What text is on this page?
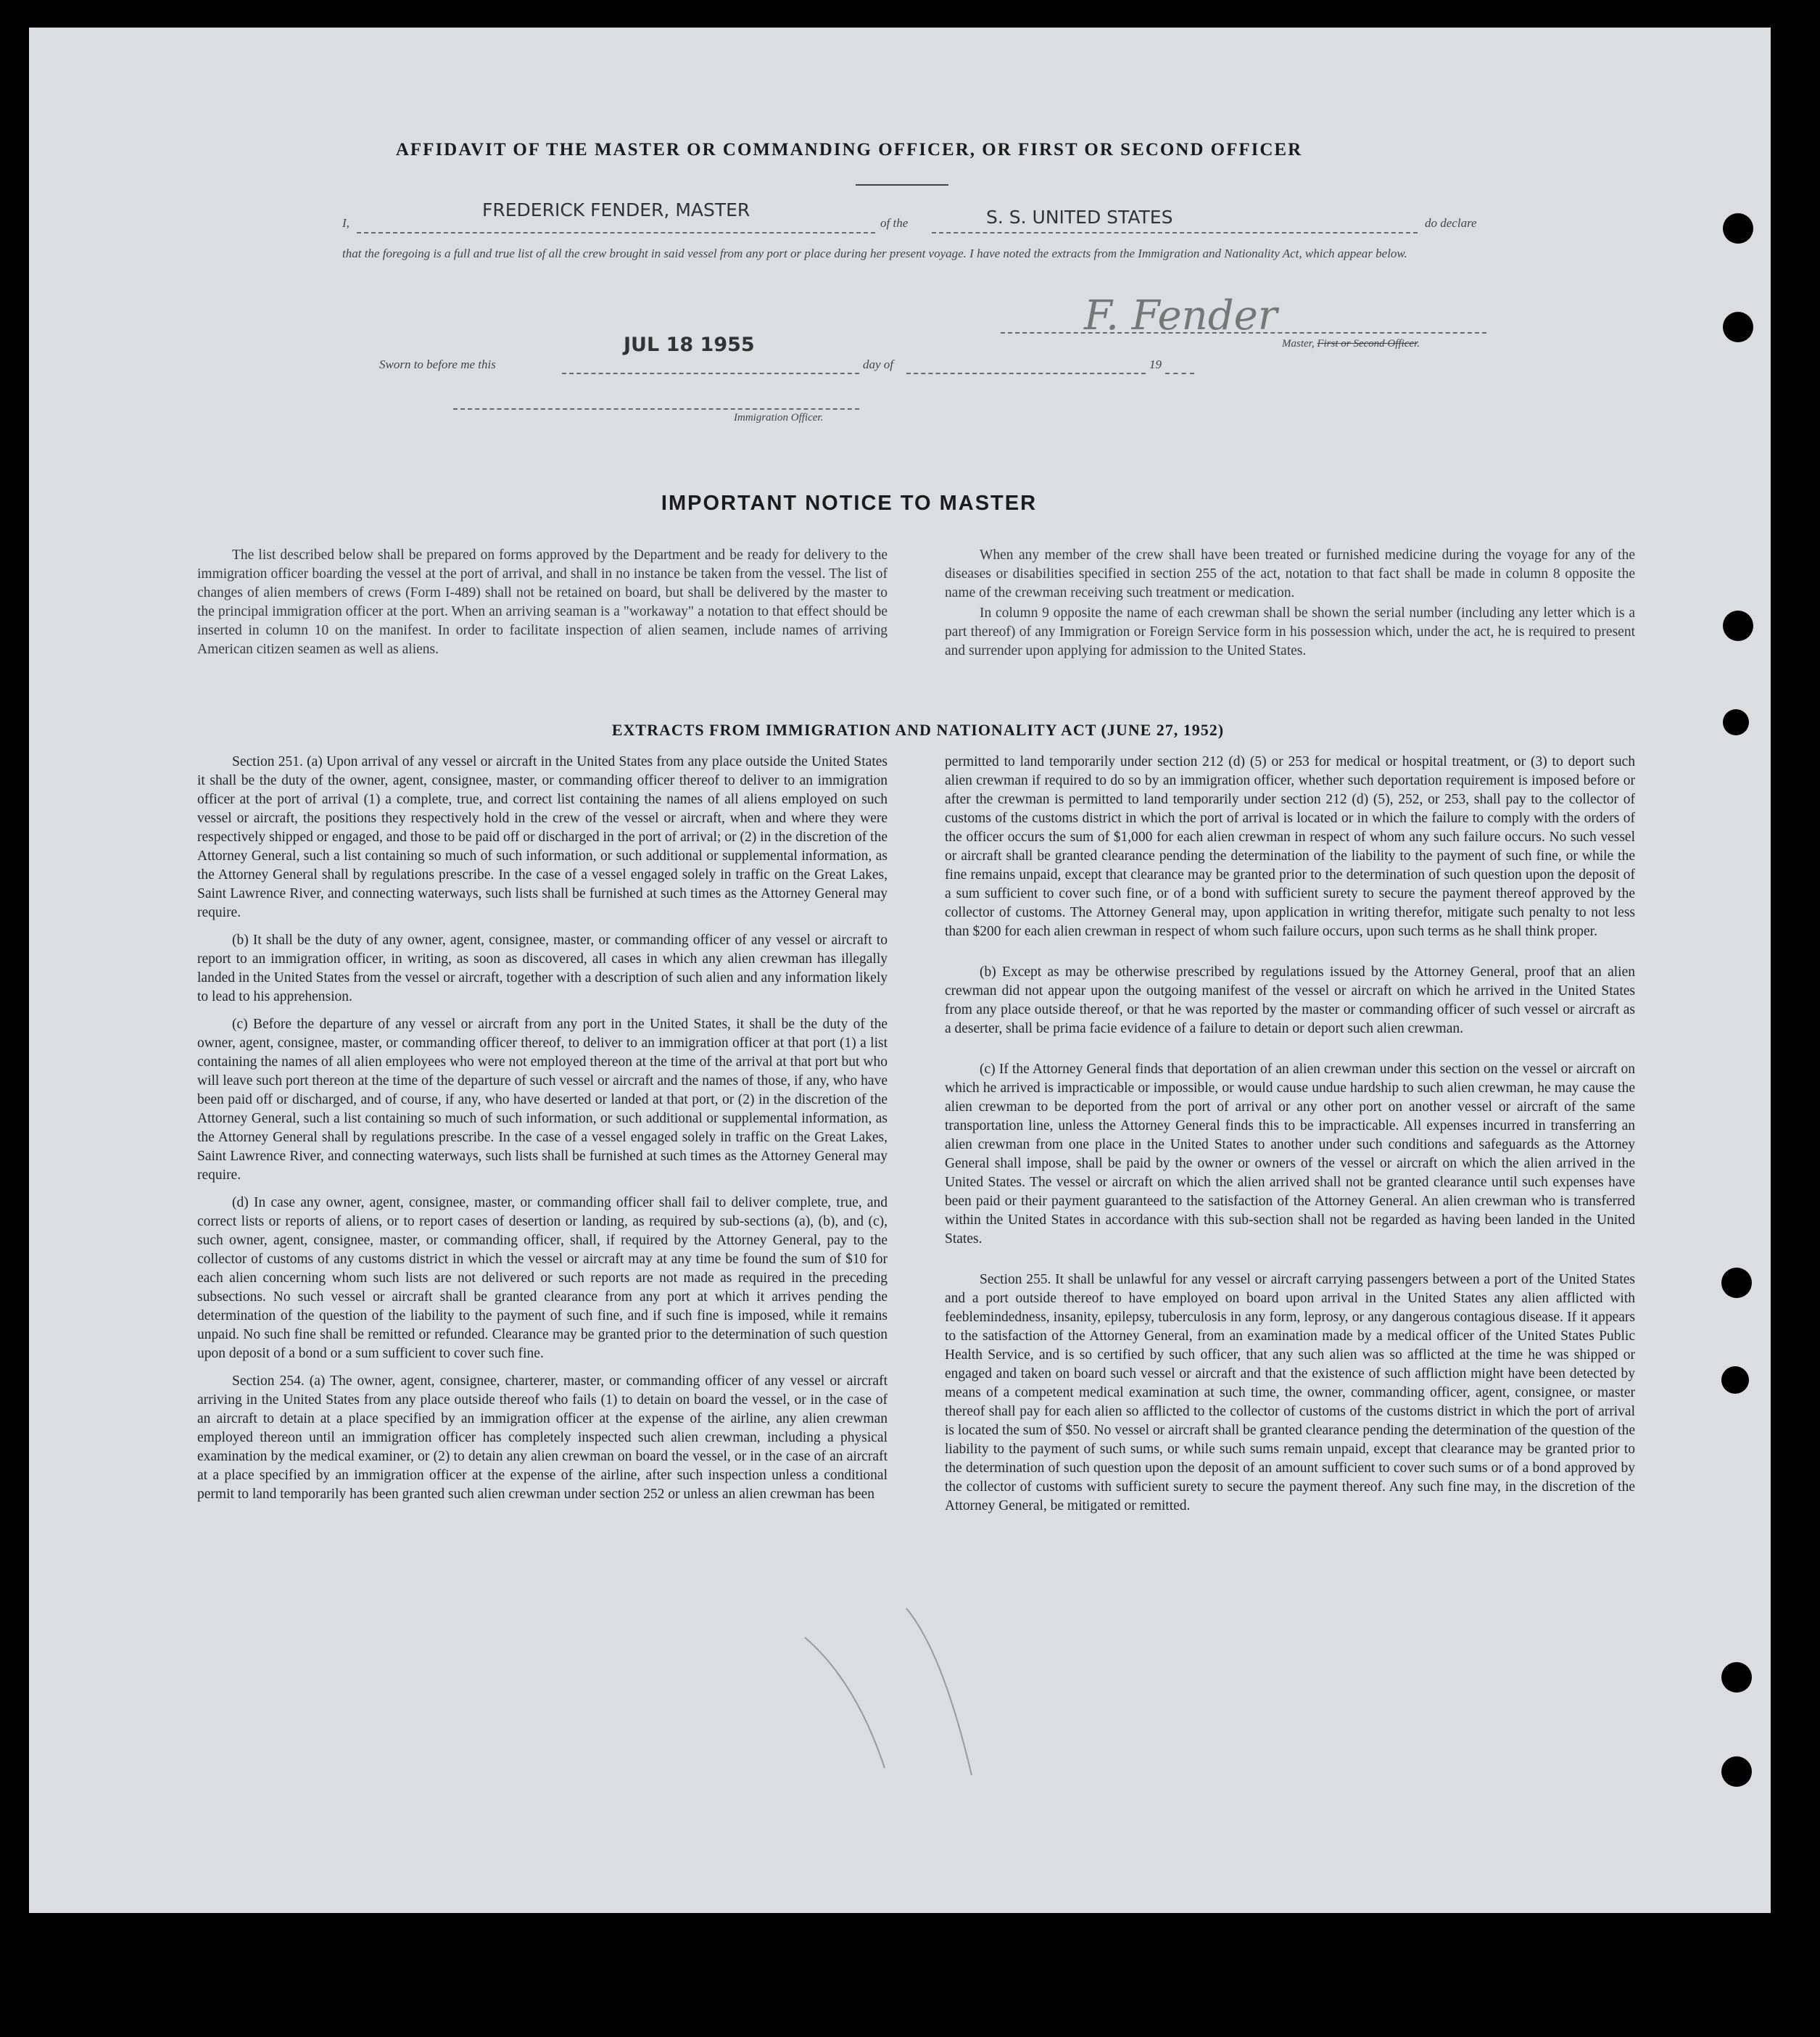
AFFIDAVIT OF THE MASTER OR COMMANDING OFFICER, OR FIRST OR SECOND OFFICER
I,
FREDERICK FENDER, MASTER
of the	S. S. UNITED STATES	do declare
that the foregoing is a full and true list of all the crew brought in said vessel from any port or place during her present voyage. I have noted the extracts from the Immigration and Nationality Act, which appear below.
F. Fender
Master, First or Second Officer.
Sworn to before me this
JUL 18 1955
day of	19
Immigration Officer.
IMPORTANT NOTICE TO MASTER
The list described below shall be prepared on forms approved by the Department and be ready for delivery to the immigration officer boarding the vessel at the port of arrival, and shall in no instance be taken from the vessel. The list of changes of alien members of crews (Form I-489) shall not be retained on board, but shall be delivered by the master to the principal immigration officer at the port. When an arriving seaman is a "workaway" a notation to that effect should be inserted in column 10 on the manifest. In order to facilitate inspection of alien seamen, include names of arriving American citizen seamen as well as aliens.

When any member of the crew shall have been treated or furnished medicine during the voyage for any of the diseases or disabilities specified in section 255 of the act, notation to that fact shall be made in column 8 opposite the name of the crewman receiving such treatment or medication.

In column 9 opposite the name of each crewman shall be shown the serial number (including any letter which is a part thereof) of any Immigration or Foreign Service form in his possession which, under the act, he is required to present and surrender upon applying for admission to the United States.

EXTRACTS FROM IMMIGRATION AND NATIONALITY ACT (JUNE 27, 1952)

Section 251. (a) Upon arrival of any vessel or aircraft in the United States from any place outside the United States it shall be the duty of the owner, agent, consignee, master, or commanding officer thereof to deliver to an immigration officer at the port of arrival (1) a complete, true, and correct list containing the names of all aliens employed on such vessel or aircraft, the positions they respectively hold in the crew of the vessel or aircraft, when and where they were respectively shipped or engaged, and those to be paid off or discharged in the port of arrival; or (2) in the discretion of the Attorney General, such a list containing so much of such information, or such additional or supplemental information, as the Attorney General shall by regulations prescribe. In the case of a vessel engaged solely in traffic on the Great Lakes, Saint Lawrence River, and connecting waterways, such lists shall be furnished at such times as the Attorney General may require.

(b) It shall be the duty of any owner, agent, consignee, master, or commanding officer of any vessel or aircraft to report to an immigration officer, in writing, as soon as discovered, all cases in which any alien crewman has illegally landed in the United States from the vessel or aircraft, together with a description of such alien and any information likely to lead to his apprehension.

(c) Before the departure of any vessel or aircraft from any port in the United States, it shall be the duty of the owner, agent, consignee, master, or commanding officer thereof, to deliver to an immigration officer at that port (1) a list containing the names of all alien employees who were not employed thereon at the time of the arrival at that port but who will leave such port thereon at the time of the departure of such vessel or aircraft and the names of those, if any, who have been paid off or discharged, and of course, if any, who have deserted or landed at that port, or (2) in the discretion of the Attorney General, such a list containing so much of such information, or such additional or supplemental information, as the Attorney General shall by regulations prescribe. In the case of a vessel engaged solely in traffic on the Great Lakes, Saint Lawrence River, and connecting waterways, such lists shall be furnished at such times as the Attorney General may require.

(d) In case any owner, agent, consignee, master, or commanding officer shall fail to deliver complete, true, and correct lists or reports of aliens, or to report cases of desertion or landing, as required by sub-sections (a), (b), and (c), such owner, agent, consignee, master, or commanding officer, shall, if required by the Attorney General, pay to the collector of customs of any customs district in which the vessel or aircraft may at any time be found the sum of $10 for each alien concerning whom such lists are not delivered or such reports are not made as required in the preceding subsections. No such vessel or aircraft shall be granted clearance from any port at which it arrives pending the determination of the question of the liability to the payment of such fine, and if such fine is imposed, while it remains unpaid. No such fine shall be remitted or refunded. Clearance may be granted prior to the determination of such question upon deposit of a bond or a sum sufficient to cover such fine.

Section 254. (a) The owner, agent, consignee, charterer, master, or commanding officer of any vessel or aircraft arriving in the United States from any place outside thereof who fails (1) to detain on board the vessel, or in the case of an aircraft to detain at a place specified by an immigration officer at the expense of the airline, any alien crewman employed thereon until an immigration officer has completely inspected such alien crewman, including a physical examination by the medical examiner, or (2) to detain any alien crewman on board the vessel, or in the case of an aircraft at a place specified by an immigration officer at the expense of the airline, after such inspection unless a conditional permit to land temporarily has been granted such alien crewman under section 252 or unless an alien crewman has been

permitted to land temporarily under section 212 (d) (5) or 253 for medical or hospital treatment, or (3) to deport such alien crewman if required to do so by an immigration officer, whether such deportation requirement is imposed before or after the crewman is permitted to land temporarily under section 212 (d) (5), 252, or 253, shall pay to the collector of customs of the customs district in which the port of arrival is located or in which the failure to comply with the orders of the officer occurs the sum of $1,000 for each alien crewman in respect of whom any such failure occurs. No such vessel or aircraft shall be granted clearance pending the determination of the liability to the payment of such fine, or while the fine remains unpaid, except that clearance may be granted prior to the determination of such question upon the deposit of a sum sufficient to cover such fine, or of a bond with sufficient surety to secure the payment thereof approved by the collector of customs. The Attorney General may, upon application in writing therefor, mitigate such penalty to not less than $200 for each alien crewman in respect of whom such failure occurs, upon such terms as he shall think proper.

(b) Except as may be otherwise prescribed by regulations issued by the Attorney General, proof that an alien crewman did not appear upon the outgoing manifest of the vessel or aircraft on which he arrived in the United States from any place outside thereof, or that he was reported by the master or commanding officer of such vessel or aircraft as a deserter, shall be prima facie evidence of a failure to detain or deport such alien crewman.

(c) If the Attorney General finds that deportation of an alien crewman under this section on the vessel or aircraft on which he arrived is impracticable or impossible, or would cause undue hardship to such alien crewman, he may cause the alien crewman to be deported from the port of arrival or any other port on another vessel or aircraft of the same transportation line, unless the Attorney General finds this to be impracticable. All expenses incurred in transferring an alien crewman from one place in the United States to another under such conditions and safeguards as the Attorney General shall impose, shall be paid by the owner or owners of the vessel or aircraft on which the alien arrived in the United States. The vessel or aircraft on which the alien arrived shall not be granted clearance until such expenses have been paid or their payment guaranteed to the satisfaction of the Attorney General. An alien crewman who is transferred within the United States in accordance with this sub-section shall not be regarded as having been landed in the United States.

Section 255. It shall be unlawful for any vessel or aircraft carrying passengers between a port of the United States and a port outside thereof to have employed on board upon arrival in the United States any alien afflicted with feeblemindedness, insanity, epilepsy, tuberculosis in any form, leprosy, or any dangerous contagious disease. If it appears to the satisfaction of the Attorney General, from an examination made by a medical officer of the United States Public Health Service, and is so certified by such officer, that any such alien was so afflicted at the time he was shipped or engaged and taken on board such vessel or aircraft and that the existence of such affliction might have been detected by means of a competent medical examination at such time, the owner, commanding officer, agent, consignee, or master thereof shall pay for each alien so afflicted to the collector of customs of the customs district in which the port of arrival is located the sum of $50. No vessel or aircraft shall be granted clearance pending the determination of the question of the liability to the payment of such sums, or while such sums remain unpaid, except that clearance may be granted prior to the determination of such question upon the deposit of an amount sufficient to cover such sums or of a bond approved by the collector of customs with sufficient surety to secure the payment thereof. Any such fine may, in the discretion of the Attorney General, be mitigated or remitted.
